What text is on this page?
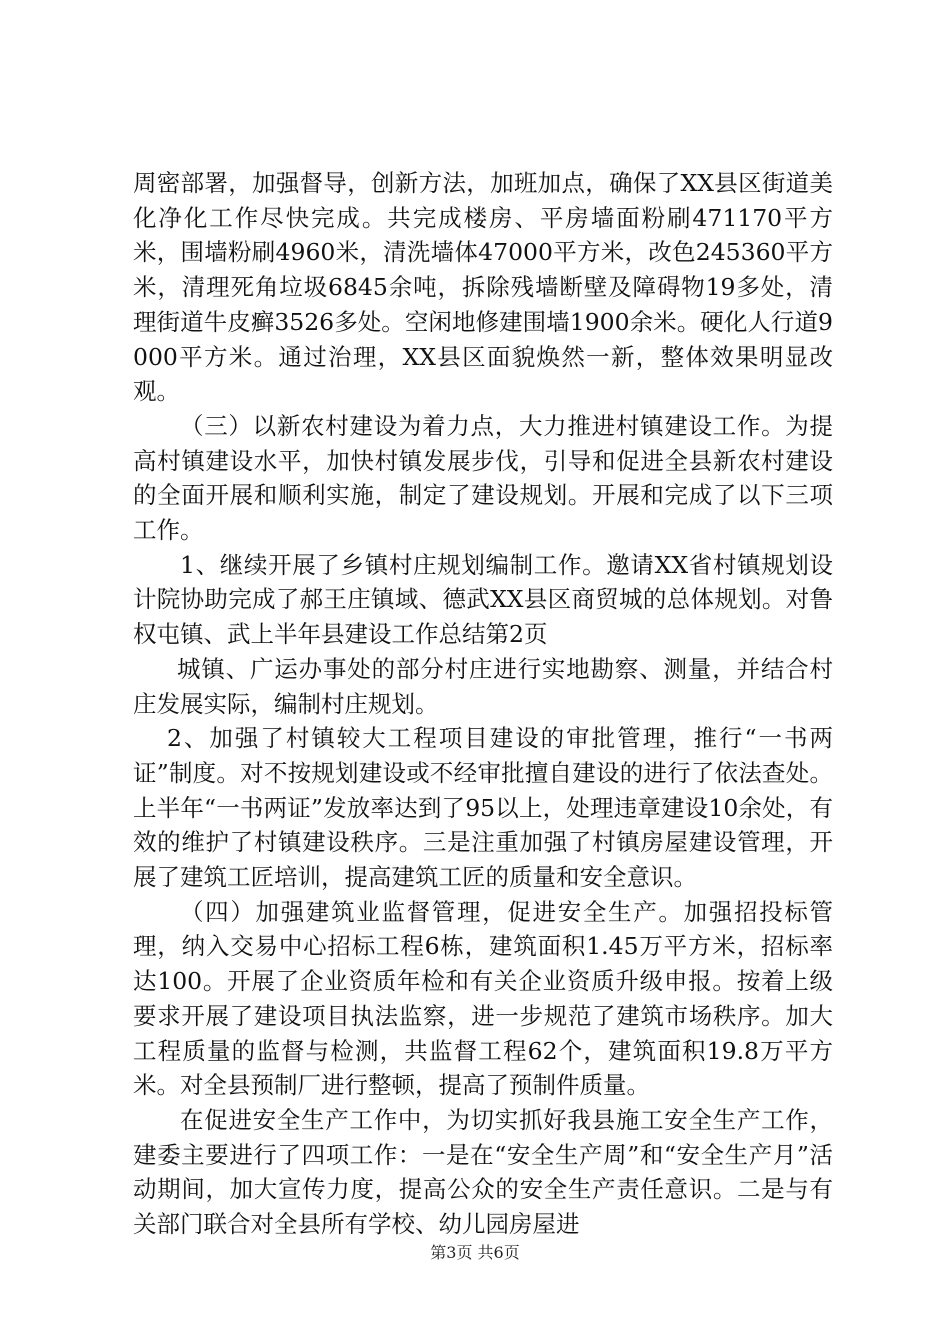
周密部署，加强督导，创新方法，加班加点，确保了XX县区街道美化净化工作尽快完成。共完成楼房、平房墙面粉刷471170平方米，围墙粉刷4960米，清洗墙体47000平方米，改色245360平方米，清理死角垃圾6845余吨，拆除残墙断壁及障碍物19多处，清理街道牛皮癣3526多处。空闲地修建围墙1900余米。硬化人行道9000平方米。通过治理，XX县区面貌焕然一新，整体效果明显改观。

（三）以新农村建设为着力点，大力推进村镇建设工作。为提高村镇建设水平，加快村镇发展步伐，引导和促进全县新农村建设的全面开展和顺利实施，制定了建设规划。开展和完成了以下三项工作。

1、继续开展了乡镇村庄规划编制工作。邀请XX省村镇规划设计院协助完成了郝王庄镇域、德武XX县区商贸城的总体规划。对鲁权屯镇、武上半年县建设工作总结第2页

城镇、广运办事处的部分村庄进行实地勘察、测量，并结合村庄发展实际，编制村庄规划。

2、加强了村镇较大工程项目建设的审批管理，推行“一书两证”制度。对不按规划建设或不经审批擅自建设的进行了依法查处。上半年“一书两证”发放率达到了95以上，处理违章建设10余处，有效的维护了村镇建设秩序。三是注重加强了村镇房屋建设管理，开展了建筑工匠培训，提高建筑工匠的质量和安全意识。

（四）加强建筑业监督管理，促进安全生产。加强招投标管理，纳入交易中心招标工程6栋，建筑面积1.45万平方米，招标率达100。开展了企业资质年检和有关企业资质升级申报。按着上级要求开展了建设项目执法监察，进一步规范了建筑市场秩序。加大工程质量的监督与检测，共监督工程62个，建筑面积19.8万平方米。对全县预制厂进行整顿，提高了预制件质量。

在促进安全生产工作中，为切实抓好我县施工安全生产工作，建委主要进行了四项工作：一是在“安全生产周”和“安全生产月”活动期间，加大宣传力度，提高公众的安全生产责任意识。二是与有关部门联合对全县所有学校、幼儿园房屋进

第3页 共6页
